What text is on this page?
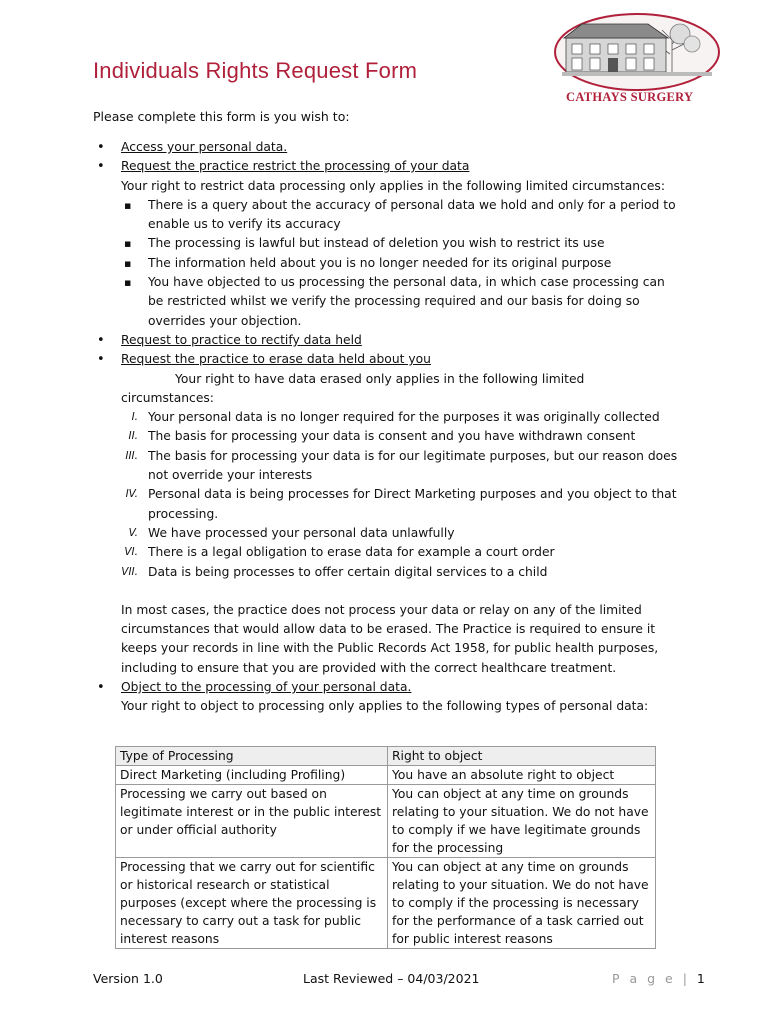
Individuals Rights Request Form
CATHAYS SURGERY
Please complete this form is you wish to:
• Access your personal data.
• Request the practice restrict the processing of your data
Your right to restrict data processing only applies in the following limited circumstances:
▪ There is a query about the accuracy of personal data we hold and only for a period to enable us to verify its accuracy
▪ The processing is lawful but instead of deletion you wish to restrict its use
▪ The information held about you is no longer needed for its original purpose
▪ You have objected to us processing the personal data, in which case processing can be restricted whilst we verify the processing required and our basis for doing so overrides your objection.
• Request to practice to rectify data held
• Request the practice to erase data held about you
Your right to have data erased only applies in the following limited
circumstances:
I. Your personal data is no longer required for the purposes it was originally collected
II. The basis for processing your data is consent and you have withdrawn consent
III. The basis for processing your data is for our legitimate purposes, but our reason does not override your interests
IV. Personal data is being processes for Direct Marketing purposes and you object to that processing.
V. We have processed your personal data unlawfully
VI. There is a legal obligation to erase data for example a court order
VII. Data is being processes to offer certain digital services to a child
In most cases, the practice does not process your data or relay on any of the limited circumstances that would allow data to be erased. The Practice is required to ensure it keeps your records in line with the Public Records Act 1958, for public health purposes, including to ensure that you are provided with the correct healthcare treatment.
• Object to the processing of your personal data.
Your right to object to processing only applies to the following types of personal data:
Type of Processing	Right to object
Direct Marketing (including Profiling)	You have an absolute right to object
Processing we carry out based on legitimate interest or in the public interest or under official authority	You can object at any time on grounds relating to your situation. We do not have to comply if we have legitimate grounds for the processing
Processing that we carry out for scientific or historical research or statistical purposes (except where the processing is necessary to carry out a task for public interest reasons	You can object at any time on grounds relating to your situation. We do not have to comply if the processing is necessary for the performance of a task carried out for public interest reasons
Version 1.0	Last Reviewed – 04/03/2021	P a g e | 1
